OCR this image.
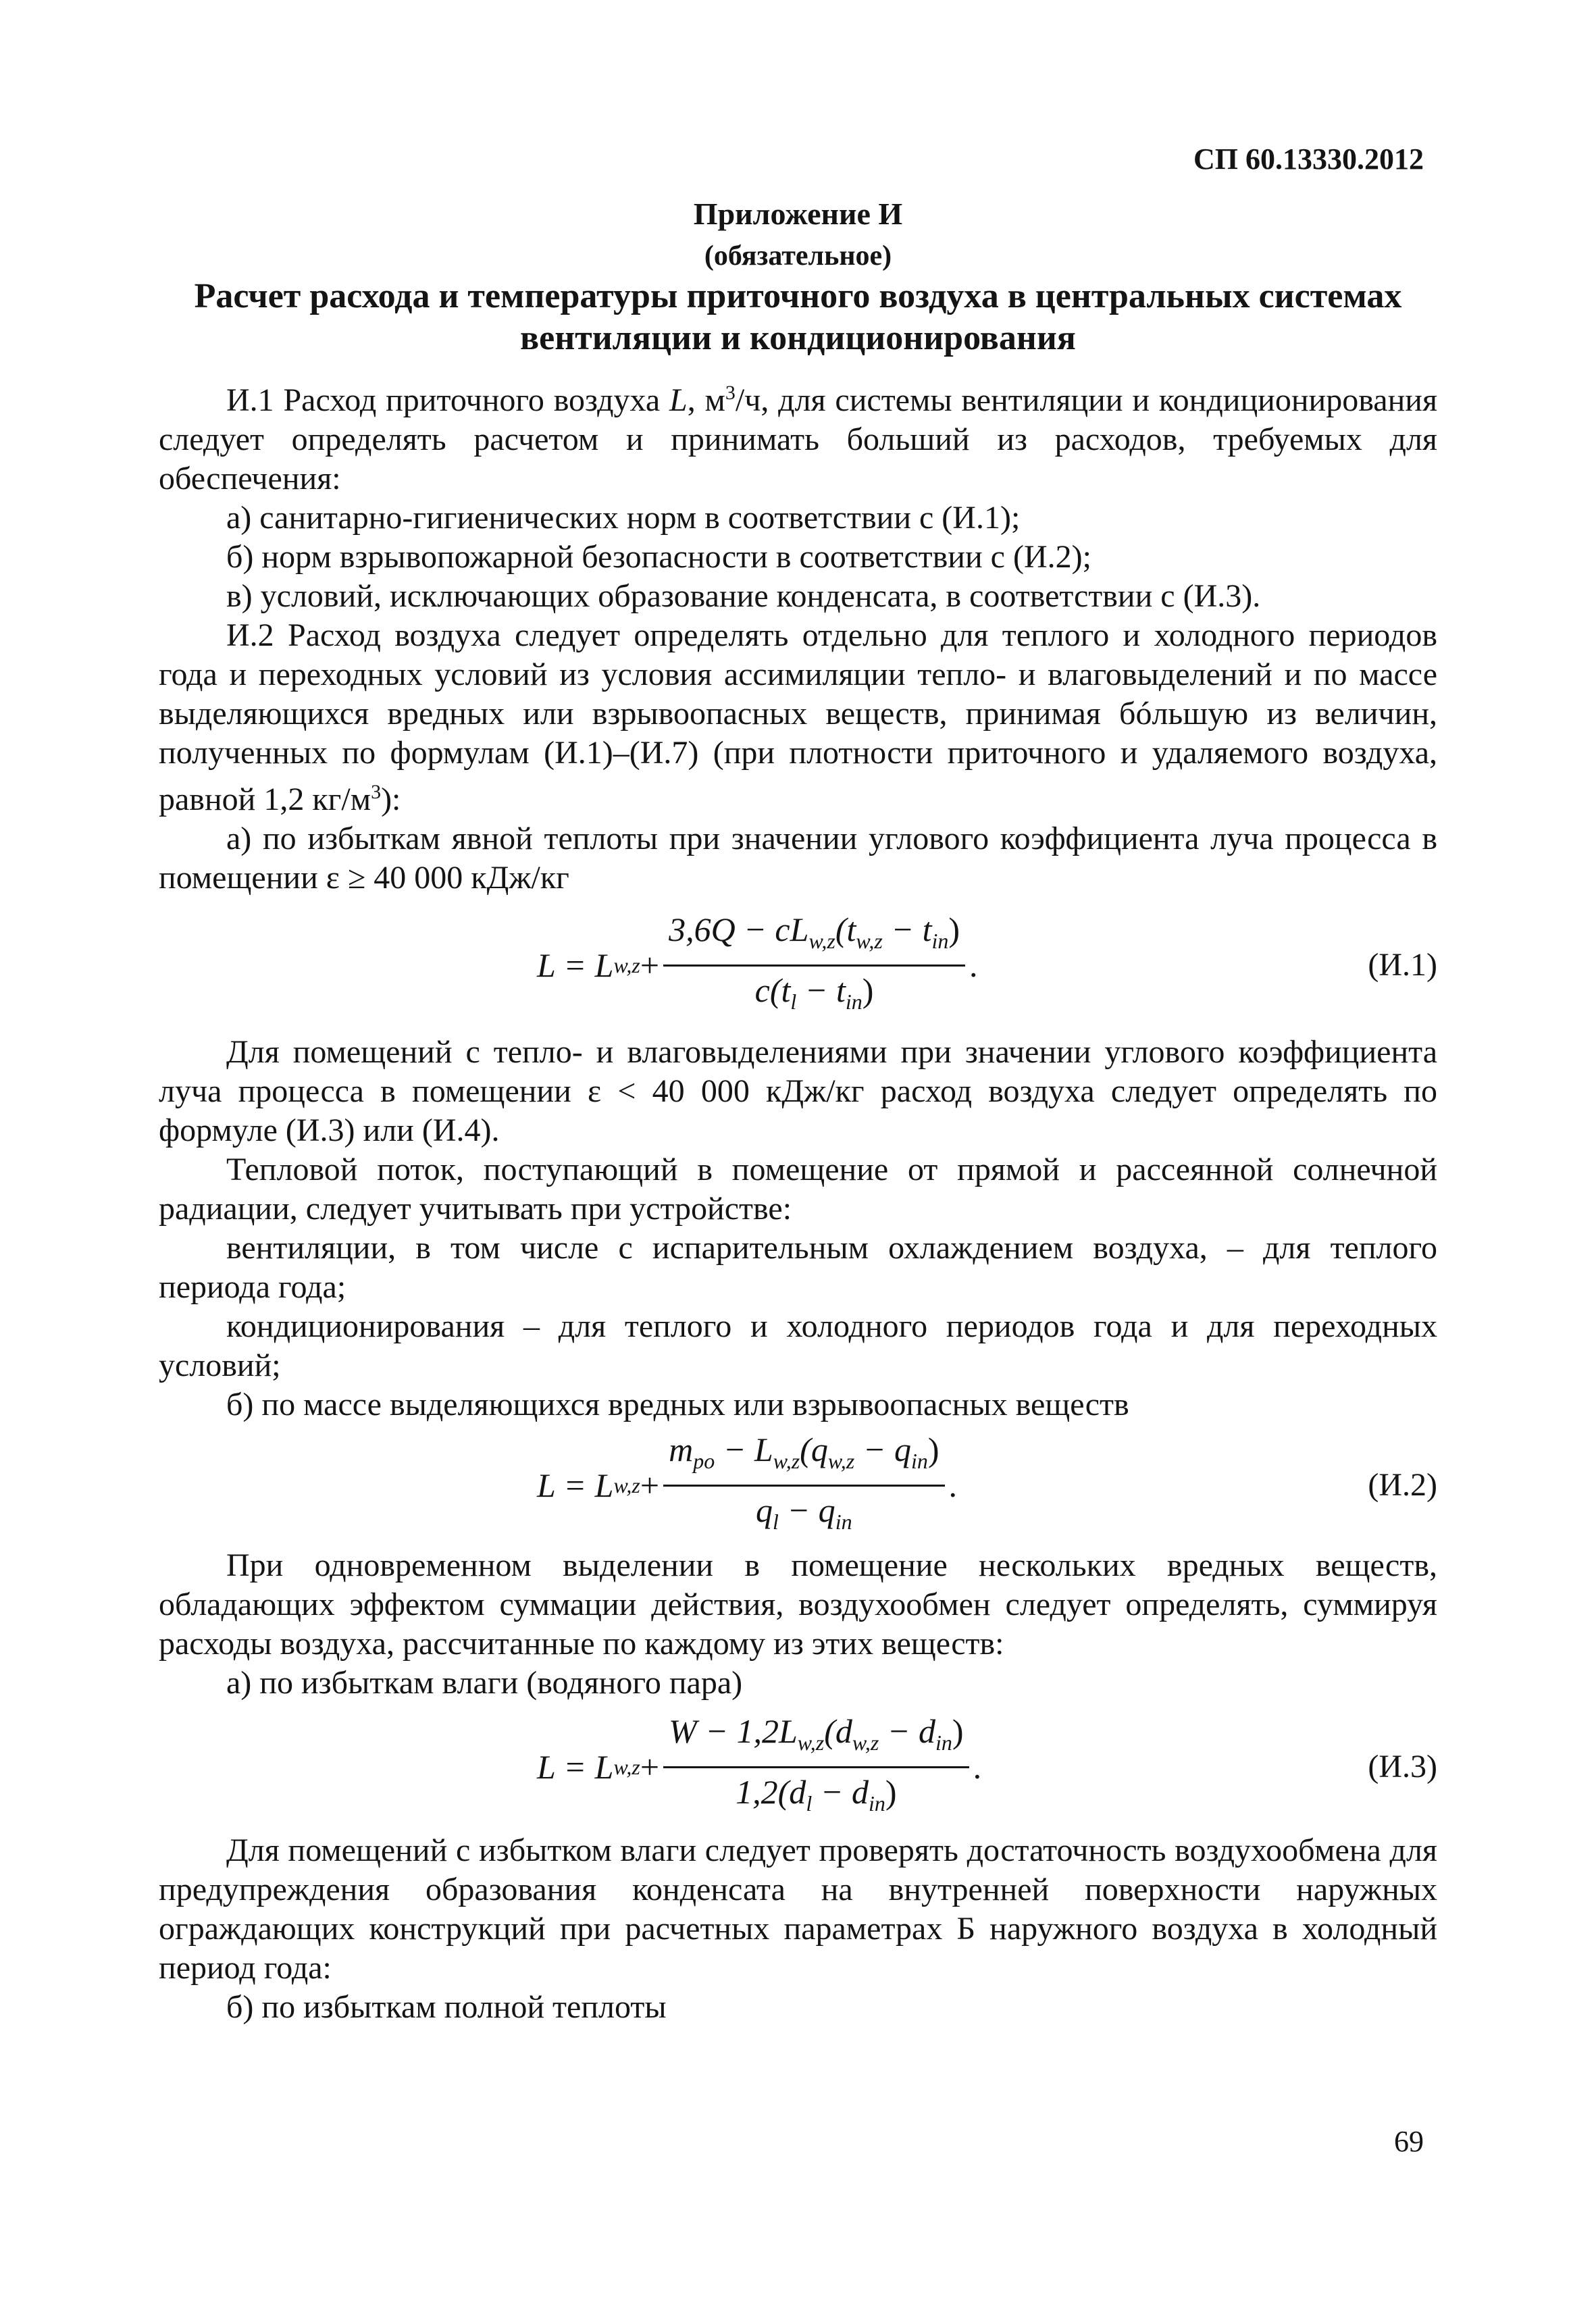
СП 60.13330.2012
Приложение И
(обязательное)
Расчет расхода и температуры приточного воздуха в центральных системах вентиляции и кондиционирования

И.1 Расход приточного воздуха L, $м^3/ч$, для системы вентиляции и кондиционирования следует определять расчетом и принимать больший из расходов, требуемых для обеспечения:

а) санитарно-гигиенических норм в соответствии с (И.1);

б) норм взрывопожарной безопасности в соответствии с (И.2);

в) условий, исключающих образование конденсата, в соответствии с (И.3).

И.2 Расход воздуха следует определять отдельно для теплого и холодного периодов года и переходных условий из условия ассимиляции тепло- и влаговыделений и по массе выделяющихся вредных или взрывоопасных веществ, принимая бóльшую из величин, полученных по формулам (И.1)–(И.7) (при плотности приточного и удаляемого воздуха, равной 1,2 $кг/м^3$):

а) по избыткам явной теплоты при значении углового коэффициента луча процесса в помещении ε ≥ 40 000 кДж/кг

L = L $w,z + \frac{3,6Q - cL_{w,z}(t_{w,z} - t_{in})}{c(t_l - t_{in})}$ .	(И.1)

Для помещений с тепло- и влаговыделениями при значении углового коэффициента луча процесса в помещении ε < 40 000 кДж/кг расход воздуха следует определять по формуле (И.3) или (И.4).

Тепловой поток, поступающий в помещение от прямой и рассеянной солнечной радиации, следует учитывать при устройстве:

вентиляции, в том числе с испарительным охлаждением воздуха, – для теплого периода года;

кондиционирования – для теплого и холодного периодов года и для переходных условий;

б) по массе выделяющихся вредных или взрывоопасных веществ

L = L $w,z + \frac{m_{po} - L_{w,z}(q_{w,z} - q_{in})}{q_l - q_{in}}$ .	(И.2)

При одновременном выделении в помещение нескольких вредных веществ, обладающих эффектом суммации действия, воздухообмен следует определять, суммируя расходы воздуха, рассчитанные по каждому из этих веществ:

а) по избыткам влаги (водяного пара)

L = L $w,z + \frac{W - 1,2L_{w,z}(d_{w,z} - d_{in})}{1,2(d_l - d_{in})}$ .	(И.3)

Для помещений с избытком влаги следует проверять достаточность воздухообмена для предупреждения образования конденсата на внутренней поверхности наружных ограждающих конструкций при расчетных параметрах Б наружного воздуха в холодный период года:

б) по избыткам полной теплоты

69
